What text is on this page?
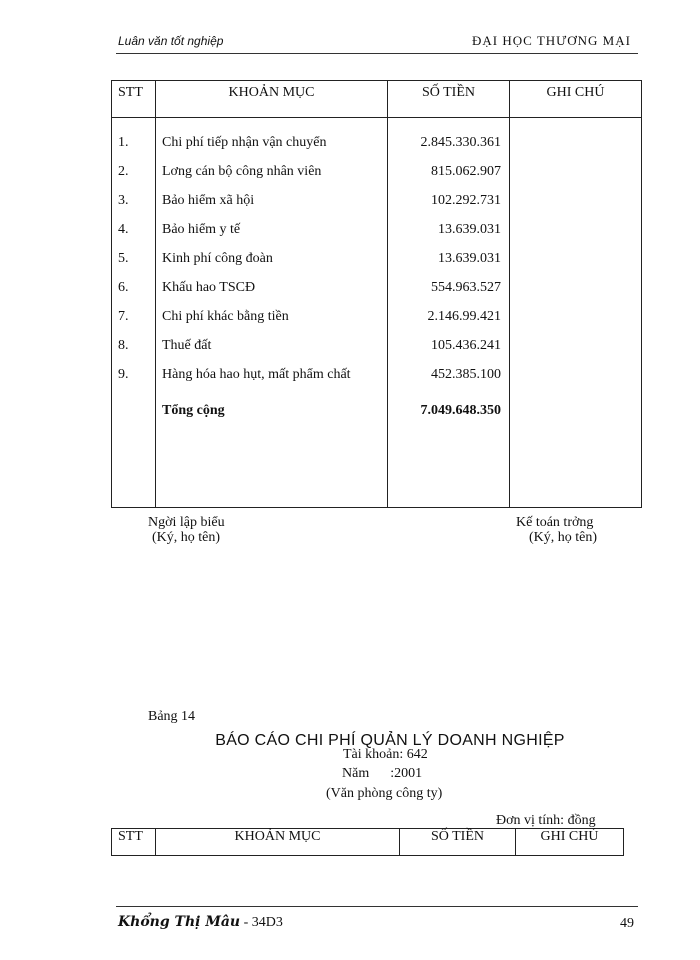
Luân văn tốt nghiệp	ĐẠI HỌC THƯƠNG MẠI
STT	KHOẢN MỤC	SỐ TIỀN	GHI CHÚ

1.	Chi phí tiếp nhận vận chuyển	2.845.330.361	
2.	Lơng cán bộ công nhân viên	815.062.907	
3.	Bảo hiểm xã hội	102.292.731	
4.	Bảo hiểm y tế	13.639.031	
5.	Kinh phí công đoàn	13.639.031	
6.	Khấu hao TSCĐ	554.963.527	
7.	Chi phí khác bằng tiền	2.146.99.421	
8.	Thuế đất	105.436.241	
9.	Hàng hóa hao hụt, mất phẩm chất	452.385.100	
	Tổng cộng	7.049.648.350	

Ngời lập biểu
(Ký, họ tên)
Kế toán trởng
(Ký, họ tên)
Bảng 14
BÁO CÁO CHI PHÍ QUẢN LÝ DOANH NGHIỆP
Tài khoản: 642
Năm      :2001
(Văn phòng công ty)
Đơn vị tính: đồng
STT	KHOẢN MỤC	SỐ TIỀN	GHI CHÚ
Khổng Thị Mâu - 34D3	49
